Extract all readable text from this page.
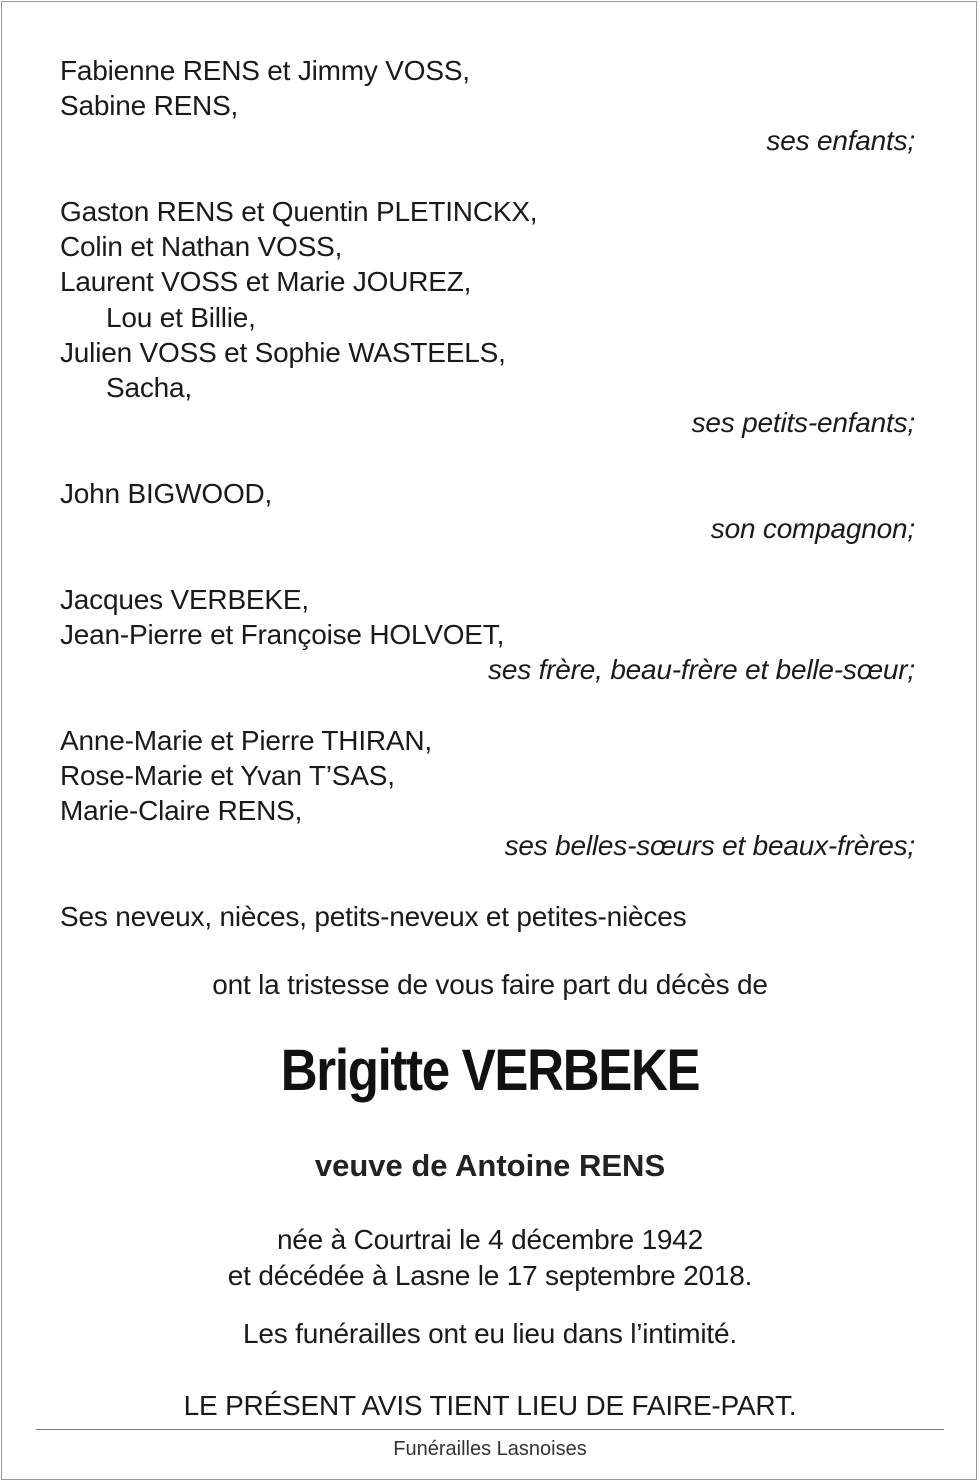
Fabienne RENS et Jimmy VOSS,
Sabine RENS,
ses enfants;
Gaston RENS et Quentin PLETINCKX,
Colin et Nathan VOSS,
Laurent VOSS et Marie JOUREZ,
Lou et Billie,
Julien VOSS et Sophie WASTEELS,
Sacha,
ses petits-enfants;
John BIGWOOD,
son compagnon;
Jacques VERBEKE,
Jean-Pierre et Françoise HOLVOET,
ses frère, beau-frère et belle-sœur;
Anne-Marie et Pierre THIRAN,
Rose-Marie et Yvan T’SAS,
Marie-Claire RENS,
ses belles-sœurs et beaux-frères;
Ses neveux, nièces, petits-neveux et petites-nièces
ont la tristesse de vous faire part du décès de
Brigitte VERBEKE
veuve de Antoine RENS
née à Courtrai le 4 décembre 1942
et décédée à Lasne le 17 septembre 2018.
Les funérailles ont eu lieu dans l’intimité.
LE PRÉSENT AVIS TIENT LIEU DE FAIRE-PART.
Funérailles Lasnoises
